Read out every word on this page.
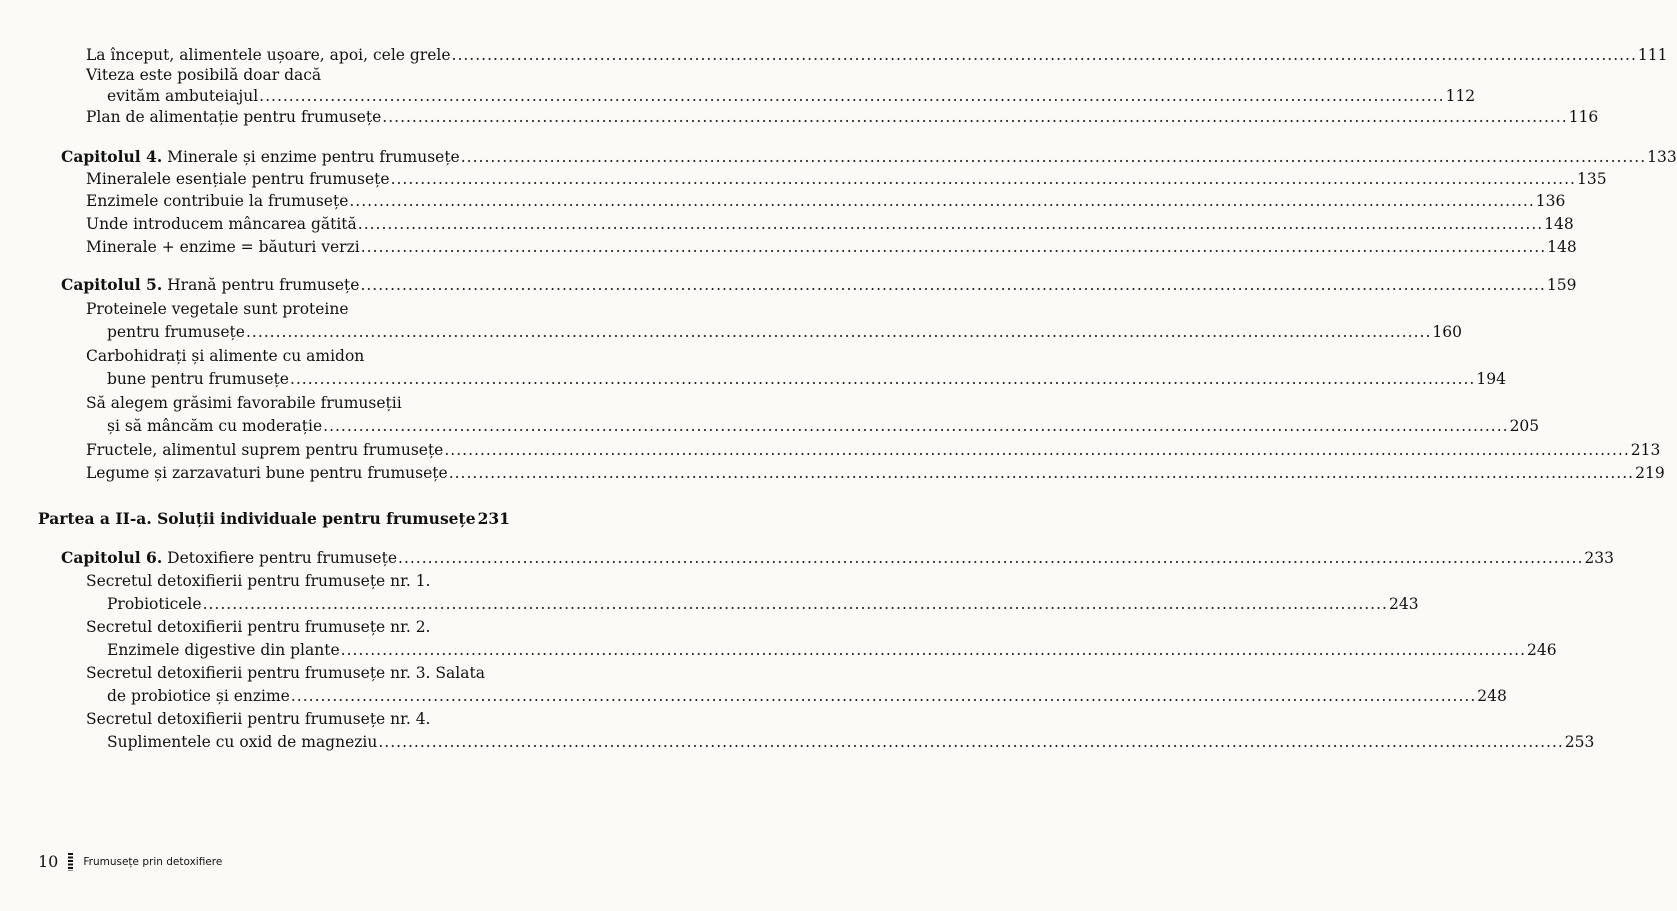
La început, alimentele ușoare, apoi, cele grele ........................................................................................................................................................................................................ 111
Viteza este posibilă doar dacă
evităm ambuteiajul ........................................................................................................................................................................................................ 112
Plan de alimentație pentru frumusețe ........................................................................................................................................................................................................ 116
Capitolul 4. Minerale și enzime pentru frumusețe ........................................................................................................................................................................................................ 133
Mineralele esențiale pentru frumusețe ........................................................................................................................................................................................................ 135
Enzimele contribuie la frumusețe ........................................................................................................................................................................................................ 136
Unde introducem mâncarea gătită ........................................................................................................................................................................................................ 148
Minerale + enzime = băuturi verzi ........................................................................................................................................................................................................ 148
Capitolul 5. Hrană pentru frumusețe ........................................................................................................................................................................................................ 159
Proteinele vegetale sunt proteine
pentru frumusețe ........................................................................................................................................................................................................ 160
Carbohidrați și alimente cu amidon
bune pentru frumusețe ........................................................................................................................................................................................................ 194
Să alegem grăsimi favorabile frumuseții
și să mâncăm cu moderație ........................................................................................................................................................................................................ 205
Fructele, alimentul suprem pentru frumusețe ........................................................................................................................................................................................................ 213
Legume și zarzavaturi bune pentru frumusețe ........................................................................................................................................................................................................ 219
Partea a II-a. Soluții individuale pentru frumusețe 231
Capitolul 6. Detoxifiere pentru frumusețe ........................................................................................................................................................................................................ 233
Secretul detoxifierii pentru frumusețe nr. 1.
Probioticele ........................................................................................................................................................................................................ 243
Secretul detoxifierii pentru frumusețe nr. 2.
Enzimele digestive din plante ........................................................................................................................................................................................................ 246
Secretul detoxifierii pentru frumusețe nr. 3. Salata
de probiotice și enzime ........................................................................................................................................................................................................ 248
Secretul detoxifierii pentru frumusețe nr. 4.
Suplimentele cu oxid de magneziu ........................................................................................................................................................................................................ 253
10 Frumusețe prin detoxifiere
